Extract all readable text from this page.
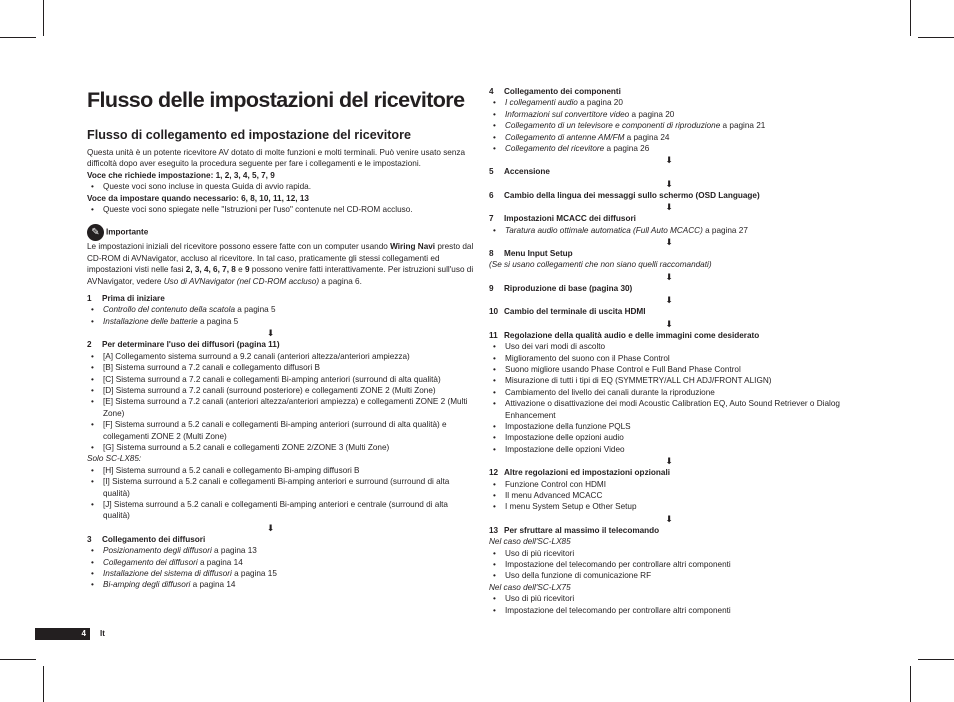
Flusso delle impostazioni del ricevitore
Flusso di collegamento ed impostazione del ricevitore

Questa unità è un potente ricevitore AV dotato di molte funzioni e molti terminali. Può venire usato senza difficoltà dopo aver eseguito la procedura seguente per fare i collegamenti e le impostazioni.

Voce che richiede impostazione: 1, 2, 3, 4, 5, 7, 9

• Queste voci sono incluse in questa Guida di avvio rapida.

Voce da impostare quando necessario: 6, 8, 10, 11, 12, 13

• Queste voci sono spiegate nelle "Istruzioni per l'uso" contenute nel CD-ROM accluso.

✎ Importante

Le impostazioni iniziali del ricevitore possono essere fatte con un computer usando Wiring Navi presto dal CD-ROM di AVNavigator, accluso al ricevitore. In tal caso, praticamente gli stessi collegamenti ed impostazioni visti nelle fasi 2, 3, 4, 6, 7, 8 e 9 possono venire fatti interattivamente. Per istruzioni sull'uso di AVNavigator, vedere Uso di AVNavigator (nel CD-ROM accluso) a pagina 6.

1	Prima di iniziare
• Controllo del contenuto della scatola a pagina 5
• Installazione delle batterie a pagina 5
⬇
2	Per determinare l'uso dei diffusori (pagina 11)
• [A] Collegamento sistema surround a 9.2 canali (anteriori altezza/anteriori ampiezza)
• [B] Sistema surround a 7.2 canali e collegamento diffusori B
• [C] Sistema surround a 7.2 canali e collegamenti Bi-amping anteriori (surround di alta qualità)
• [D] Sistema surround a 7.2 canali (surround posteriore) e collegamenti ZONE 2 (Multi Zone)
• [E] Sistema surround a 7.2 canali (anteriori altezza/anteriori ampiezza) e collegamenti ZONE 2 (Multi Zone)
• [F] Sistema surround a 5.2 canali e collegamenti Bi-amping anteriori (surround di alta qualità) e collegamenti ZONE 2 (Multi Zone)
• [G] Sistema surround a 5.2 canali e collegamenti ZONE 2/ZONE 3 (Multi Zone)

Solo SC-LX85:

• [H] Sistema surround a 5.2 canali e collegamento Bi-amping diffusori B
• [I] Sistema surround a 5.2 canali e collegamenti Bi-amping anteriori e surround (surround di alta qualità)
• [J] Sistema surround a 5.2 canali e collegamenti Bi-amping anteriori e centrale (surround di alta qualità)
⬇
3	Collegamento dei diffusori
• Posizionamento degli diffusori a pagina 13
• Collegamento dei diffusori a pagina 14
• Installazione del sistema di diffusori a pagina 15
• Bi-amping degli diffusori a pagina 14
4	Collegamento dei componenti
• I collegamenti audio a pagina 20
• Informazioni sul convertitore video a pagina 20
• Collegamento di un televisore e componenti di riproduzione a pagina 21
• Collegamento di antenne AM/FM a pagina 24
• Collegamento del ricevitore a pagina 26
⬇
5	Accensione
⬇
6	Cambio della lingua dei messaggi sullo schermo (OSD Language)
⬇
7	Impostazioni MCACC dei diffusori
• Taratura audio ottimale automatica (Full Auto MCACC) a pagina 27
⬇
8	Menu Input Setup

(Se si usano collegamenti che non siano quelli raccomandati)

⬇
9	Riproduzione di base (pagina 30)
⬇
10 Cambio del terminale di uscita HDMI
⬇
11 Regolazione della qualità audio e delle immagini come desiderato
• Uso dei vari modi di ascolto
• Miglioramento del suono con il Phase Control
• Suono migliore usando Phase Control e Full Band Phase Control
• Misurazione di tutti i tipi di EQ (SYMMETRY/ALL CH ADJ/FRONT ALIGN)
• Cambiamento del livello dei canali durante la riproduzione
• Attivazione o disattivazione dei modi Acoustic Calibration EQ, Auto Sound Retriever o Dialog Enhancement
• Impostazione della funzione PQLS
• Impostazione delle opzioni audio
• Impostazione delle opzioni Video
⬇
12 Altre regolazioni ed impostazioni opzionali
• Funzione Control con HDMI
• Il menu Advanced MCACC
• I menu System Setup e Other Setup
⬇
13 Per sfruttare al massimo il telecomando

Nel caso dell'SC-LX85

• Uso di più ricevitori
• Impostazione del telecomando per controllare altri componenti
• Uso della funzione di comunicazione RF

Nel caso dell'SC-LX75

• Uso di più ricevitori
• Impostazione del telecomando per controllare altri componenti
4	It
